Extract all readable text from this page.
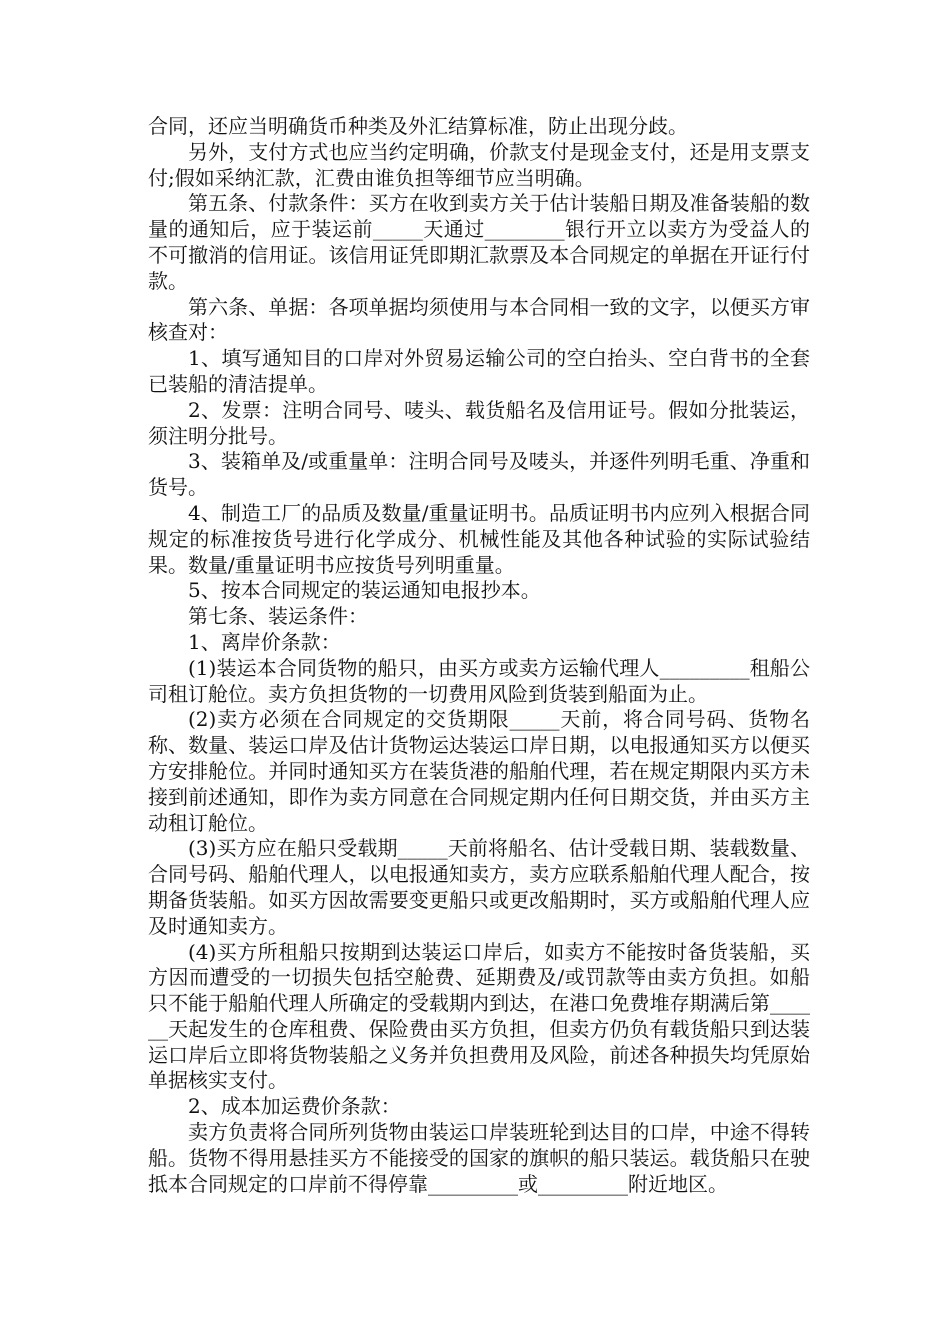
合同，还应当明确货币种类及外汇结算标准，防止出现分歧。

另外，支付方式也应当约定明确，价款支付是现金支付，还是用支票支付;假如采纳汇款，汇费由谁负担等细节应当明确。

第五条、付款条件：买方在收到卖方关于估计装船日期及准备装船的数量的通知后，应于装运前_____天通过________银行开立以卖方为受益人的不可撤消的信用证。该信用证凭即期汇款票及本合同规定的单据在开证行付款。

第六条、单据：各项单据均须使用与本合同相一致的文字，以便买方审核查对：

1、填写通知目的口岸对外贸易运输公司的空白抬头、空白背书的全套已装船的清洁提单。

2、发票：注明合同号、唛头、载货船名及信用证号。假如分批装运，须注明分批号。

3、装箱单及/或重量单：注明合同号及唛头，并逐件列明毛重、净重和货号。

4、制造工厂的品质及数量/重量证明书。品质证明书内应列入根据合同规定的标准按货号进行化学成分、机械性能及其他各种试验的实际试验结果。数量/重量证明书应按货号列明重量。

5、按本合同规定的装运通知电报抄本。

第七条、装运条件：

1、离岸价条款：

(1)装运本合同货物的船只，由买方或卖方运输代理人_________租船公司租订舱位。卖方负担货物的一切费用风险到货装到船面为止。

(2)卖方必须在合同规定的交货期限_____天前，将合同号码、货物名称、数量、装运口岸及估计货物运达装运口岸日期，以电报通知买方以便买方安排舱位。并同时通知买方在装货港的船舶代理，若在规定期限内买方未接到前述通知，即作为卖方同意在合同规定期内任何日期交货，并由买方主动租订舱位。

(3)买方应在船只受载期_____天前将船名、估计受载日期、装载数量、合同号码、船舶代理人，以电报通知卖方，卖方应联系船舶代理人配合，按期备货装船。如买方因故需要变更船只或更改船期时，买方或船舶代理人应及时通知卖方。

(4)买方所租船只按期到达装运口岸后，如卖方不能按时备货装船，买方因而遭受的一切损失包括空舱费、延期费及/或罚款等由卖方负担。如船只不能于船舶代理人所确定的受载期内到达，在港口免费堆存期满后第______天起发生的仓库租费、保险费由买方负担，但卖方仍负有载货船只到达装运口岸后立即将货物装船之义务并负担费用及风险，前述各种损失均凭原始单据核实支付。

2、成本加运费价条款：

卖方负责将合同所列货物由装运口岸装班轮到达目的口岸，中途不得转船。货物不得用悬挂买方不能接受的国家的旗帜的船只装运。载货船只在驶抵本合同规定的口岸前不得停靠_________或_________附近地区。
